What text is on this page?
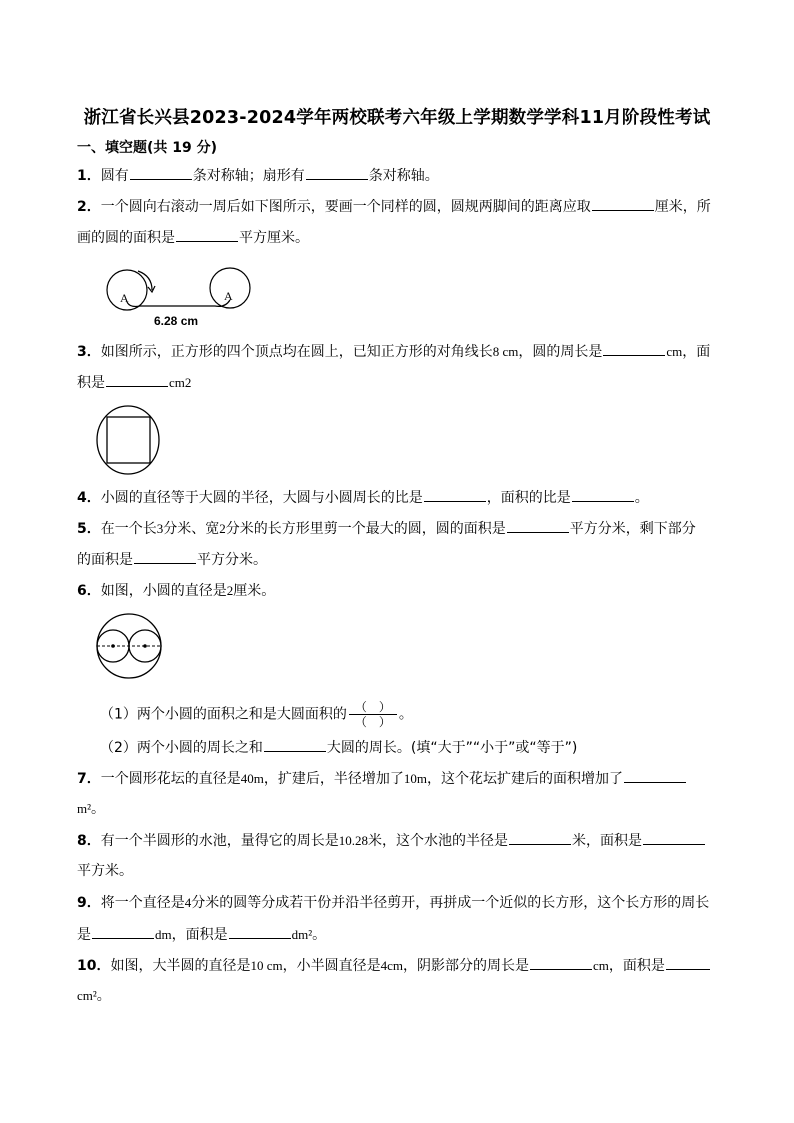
浙江省长兴县2023-2024学年两校联考六年级上学期数学学科11月阶段性考试
一、填空题(共 19 分)
1．圆有	条对称轴；扇形有	条对称轴。
2．一个圆向右滚动一周后如下图所示，要画一个同样的圆，圆规两脚间的距离应取	厘米，所
画的圆的面积是	平方厘米。
A	A
6.28 cm
3．如图所示，正方形的四个顶点均在圆上，已知正方形的对角线长8 cm，圆的周长是	cm，面
积是	cm2
4．小圆的直径等于大圆的半径，大圆与小圆周长的比是	，面积的比是	。
5．在一个长3分米、宽2分米的长方形里剪一个最大的圆，圆的面积是	平方分米，剩下部分
的面积是	平方分米。
6．如图，小圆的直径是2厘米。
（1）两个小圆的面积之和是大圆面积的 $\frac{( )}{( )}$ 。
（2）两个小圆的周长之和	大圆的周长。(填“大于”“小于”或“等于”)
7．一个圆形花坛的直径是40m，扩建后，半径增加了10m，这个花坛扩建后的面积增加了
m²。
8．有一个半圆形的水池，量得它的周长是10.28米，这个水池的半径是	米，面积是
平方米。
9．将一个直径是4分米的圆等分成若干份并沿半径剪开，再拼成一个近似的长方形，这个长方形的周长
是	dm，面积是	dm²。
10．如图，大半圆的直径是10 cm，小半圆直径是4cm，阴影部分的周长是	cm，面积是
cm²。
